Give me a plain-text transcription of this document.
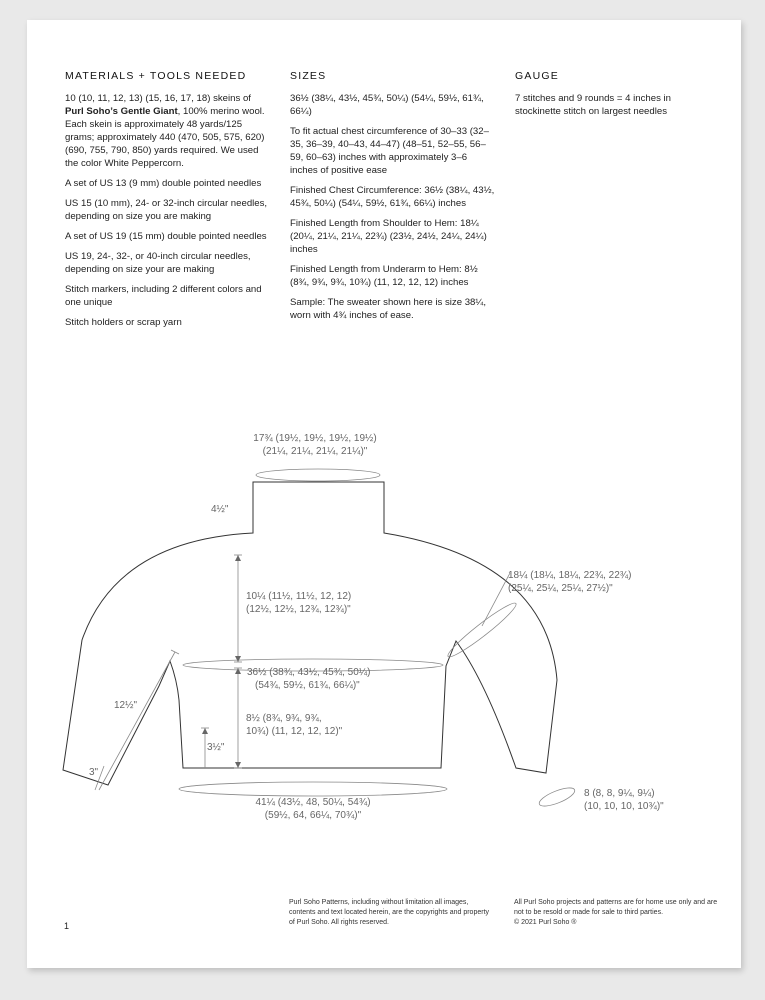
MATERIALS + TOOLS NEEDED

10 (10, 11, 12, 13) (15, 16, 17, 18) skeins of Purl Soho’s Gentle Giant, 100% merino wool. Each skein is approximately 48 yards/125 grams; approximately 440 (470, 505, 575, 620) (690, 755, 790, 850) yards required. We used the color White Peppercorn.

A set of US 13 (9 mm) double pointed needles

US 15 (10 mm), 24- or 32-inch circular needles, depending on size you are making

A set of US 19 (15 mm) double pointed needles

US 19, 24-, 32-, or 40-inch circular needles, depending on size your are making

Stitch markers, including 2 different colors and one unique

Stitch holders or scrap yarn

SIZES

36½ (38¼, 43½, 45¾, 50¼) (54¼, 59½, 61¾, 66¼)

To fit actual chest circumference of 30–33 (32–35, 36–39, 40–43, 44–47) (48–51, 52–55, 56–59, 60–63) inches with approximately 3–6 inches of positive ease

Finished Chest Circumference: 36½ (38¼, 43½, 45¾, 50¼) (54¼, 59½, 61¾, 66¼) inches

Finished Length from Shoulder to Hem: 18¼ (20¼, 21¼, 21¼, 22¾) (23½, 24½, 24¼, 24¼) inches

Finished Length from Underarm to Hem: 8½ (8¾, 9¾, 9¾, 10¾) (11, 12, 12, 12) inches

Sample: The sweater shown here is size 38¼, worn with 4¾ inches of ease.

GAUGE

7 stitches and 9 rounds = 4 inches in stockinette stitch on largest needles

17¾ (19½, 19½, 19½, 19½)
(21¼, 21¼, 21¼, 21¼)"
4½"
10¼ (11½, 11½, 12, 12)
(12½, 12½, 12¾, 12¾)"
36½ (38¾, 43½, 45¾, 50¼)
(54¾, 59½, 61¾, 66¼)"
8½ (8¾, 9¾, 9¾,
10¾) (11, 12, 12, 12)"
3½"
41¼ (43½, 48, 50¼, 54¾)
(59½, 64, 66¼, 70¾)"
12½"
3"
18¼ (18¼, 18¼, 22¾, 22¾)
(25¼, 25¼, 25¼, 27½)"
8 (8, 8, 9¼, 9¼)
(10, 10, 10, 10¾)"
Purl Soho Patterns, including without limitation all images, contents and text located herein, are the copyrights and property of Purl Soho. All rights reserved.
All Purl Soho projects and patterns are for home use only and are not to be resold or made for sale to third parties.
© 2021 Purl Soho ®
1
